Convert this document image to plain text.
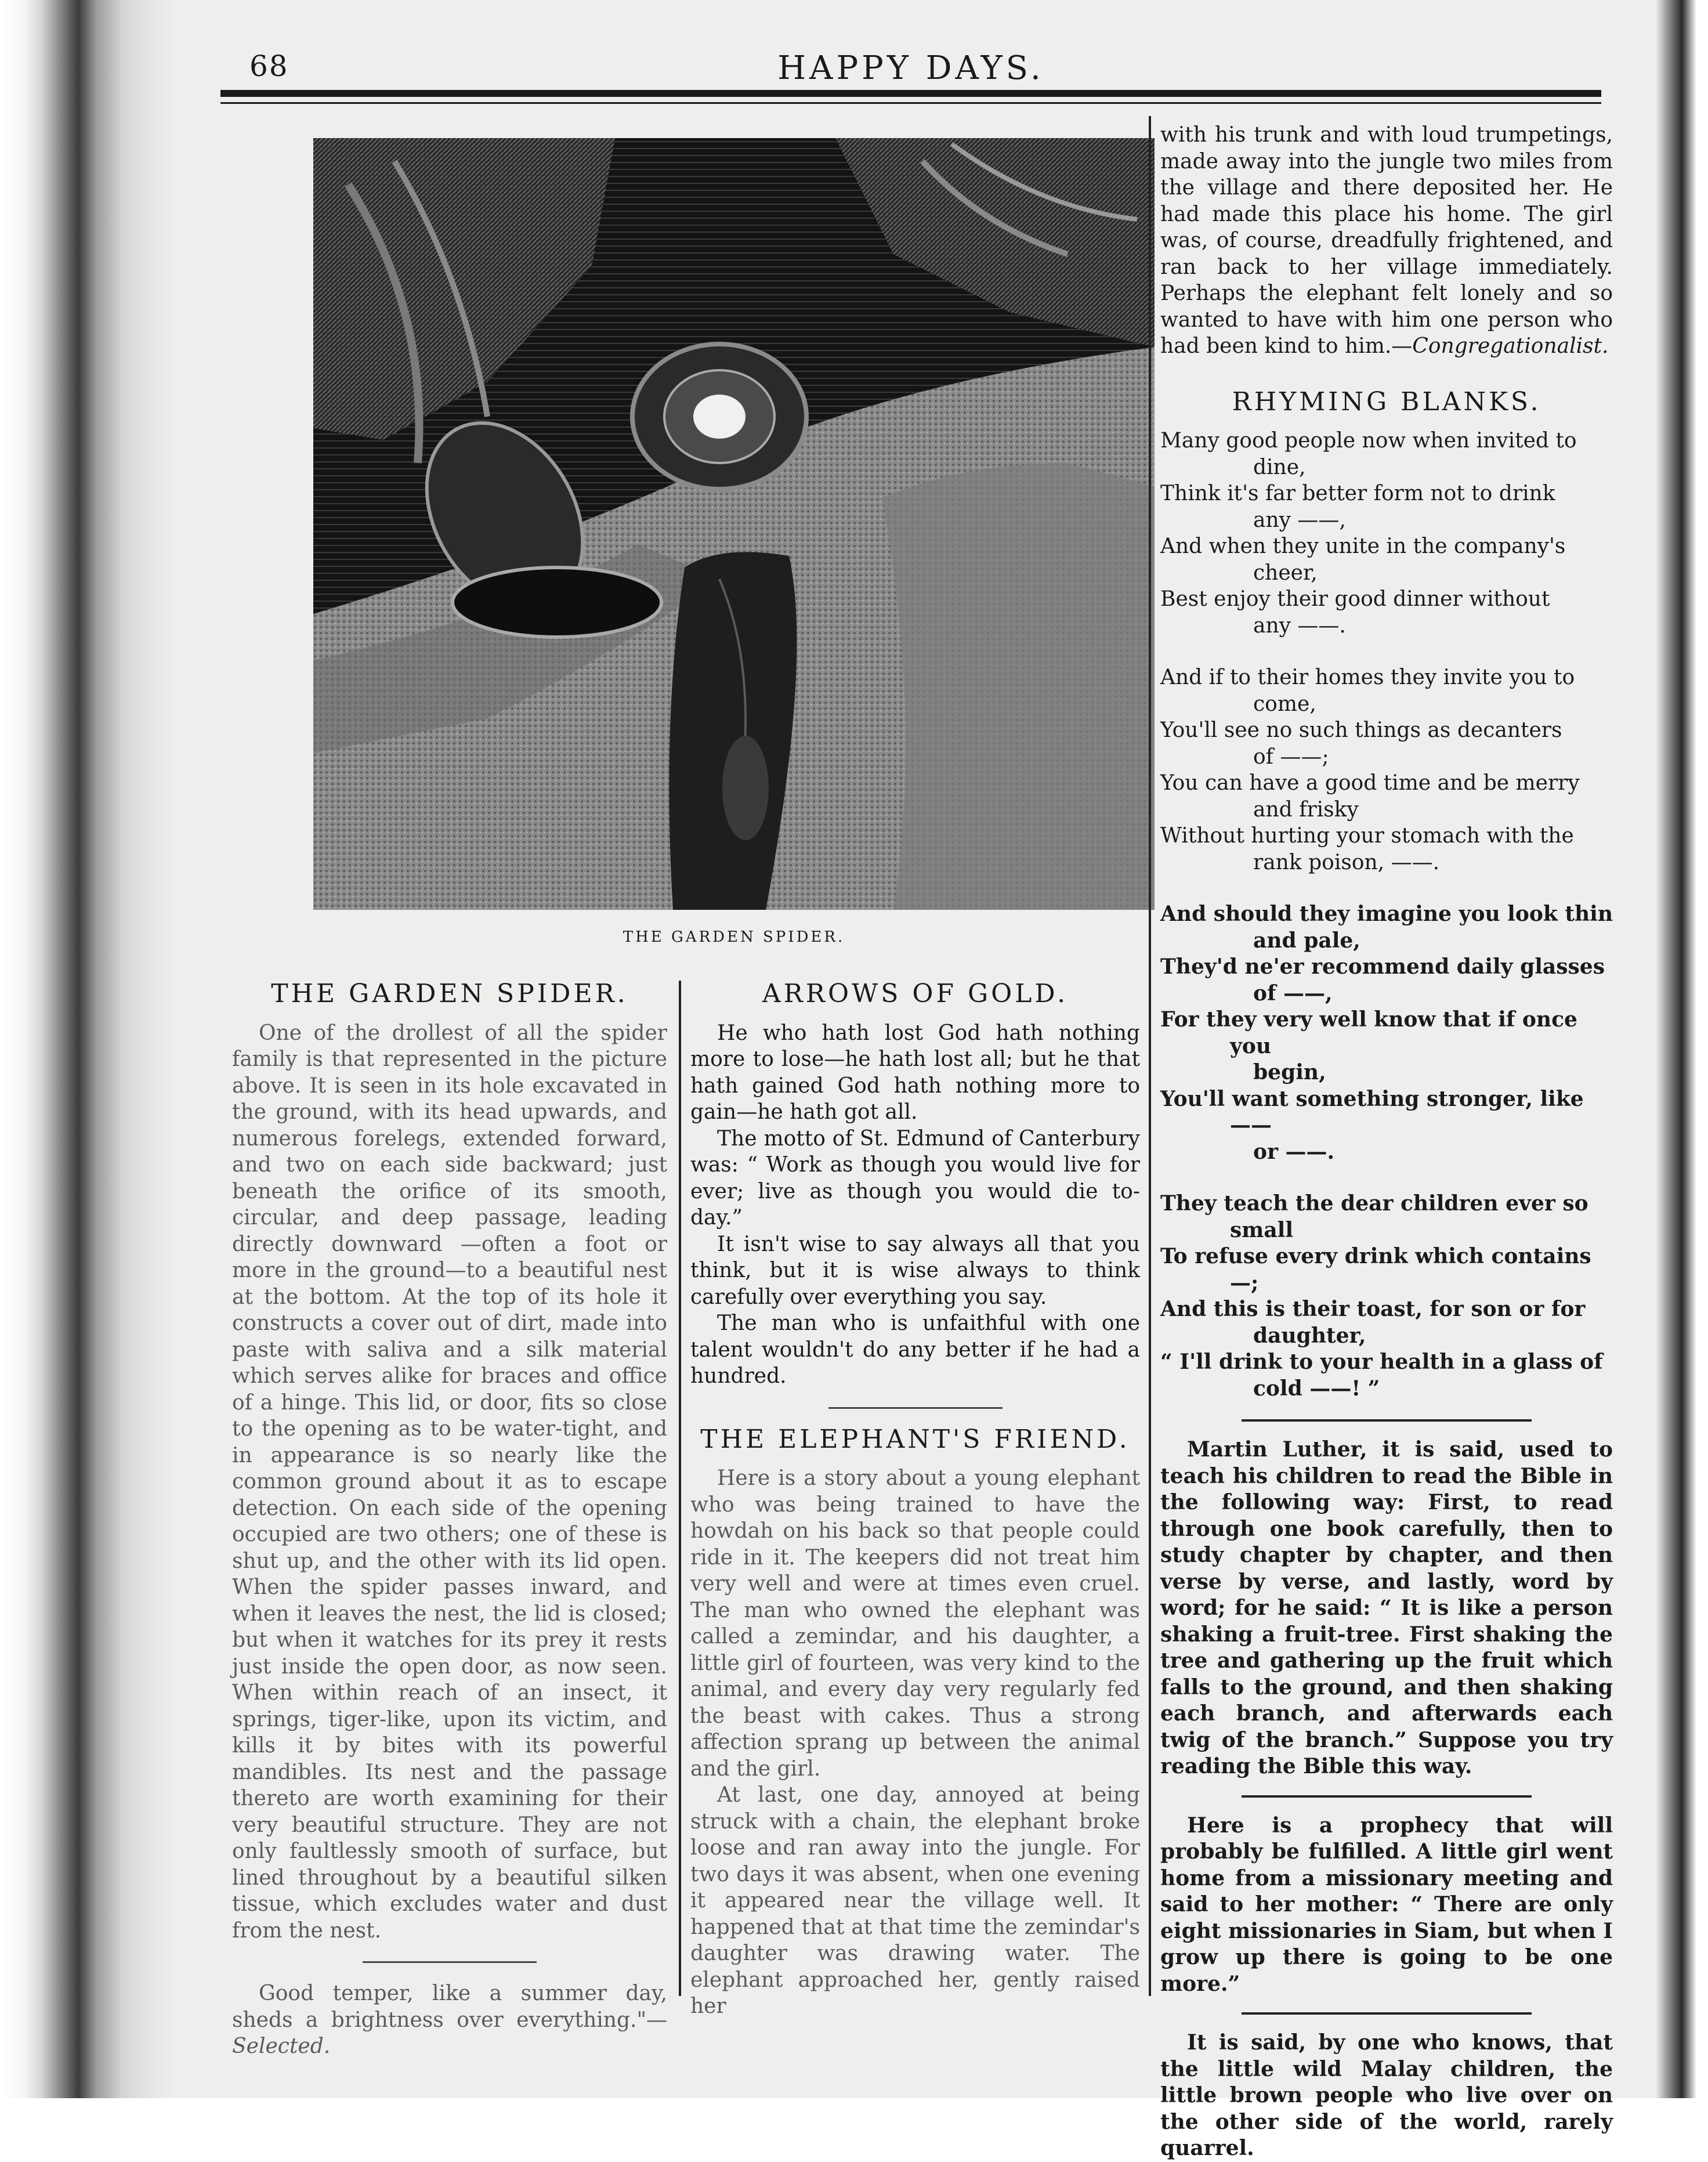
68	HAPPY DAYS.
THE GARDEN SPIDER.
THE GARDEN SPIDER.

One of the drollest of all the spider family is that represented in the picture above. It is seen in its hole excavated in the ground, with its head upwards, and numerous forelegs, extended forward, and two on each side backward; just beneath the orifice of its smooth, circular, and deep passage, leading directly downward —often a foot or more in the ground—to a beautiful nest at the bottom. At the top of its hole it constructs a cover out of dirt, made into paste with saliva and a silk material which serves alike for braces and office of a hinge. This lid, or door, fits so close to the opening as to be water-tight, and in appearance is so nearly like the common ground about it as to escape detection. On each side of the opening occupied are two others; one of these is shut up, and the other with its lid open. When the spider passes inward, and when it leaves the nest, the lid is closed; but when it watches for its prey it rests just inside the open door, as now seen. When within reach of an insect, it springs, tiger-like, upon its victim, and kills it by bites with its powerful mandibles. Its nest and the passage thereto are worth examining for their very beautiful structure. They are not only faultlessly smooth of surface, but lined throughout by a beautiful silken tissue, which excludes water and dust from the nest.

Good temper, like a summer day, sheds a brightness over everything."—Selected.

ARROWS OF GOLD.

He who hath lost God hath nothing more to lose—he hath lost all; but he that hath gained God hath nothing more to gain—he hath got all.

The motto of St. Edmund of Canterbury was: “ Work as though you would live for ever; live as though you would die to-day.”

It isn't wise to say always all that you think, but it is wise always to think carefully over everything you say.

The man who is unfaithful with one talent wouldn't do any better if he had a hundred.

THE ELEPHANT'S FRIEND.

Here is a story about a young elephant who was being trained to have the howdah on his back so that people could ride in it. The keepers did not treat him very well and were at times even cruel. The man who owned the elephant was called a zemindar, and his daughter, a little girl of fourteen, was very kind to the animal, and every day very regularly fed the beast with cakes. Thus a strong affection sprang up between the animal and the girl.

At last, one day, annoyed at being struck with a chain, the elephant broke loose and ran away into the jungle. For two days it was absent, when one evening it appeared near the village well. It happened that at that time the zemindar's daughter was drawing water. The elephant approached her, gently raised her

with his trunk and with loud trumpetings, made away into the jungle two miles from the village and there deposited her. He had made this place his home. The girl was, of course, dreadfully frightened, and ran back to her village immediately. Perhaps the elephant felt lonely and so wanted to have with him one person who had been kind to him.—Congregationalist.

RHYMING BLANKS.
Many good people now when invited to
dine,
Think it's far better form not to drink
any ——,
And when they unite in the company's
cheer,
Best enjoy their good dinner without
any ——.
And if to their homes they invite you to
come,
You'll see no such things as decanters
of ——;
You can have a good time and be merry
and frisky
Without hurting your stomach with the
rank poison, ——.
And should they imagine you look thin
and pale,
They'd ne'er recommend daily glasses
of ——,
For they very well know that if once you
begin,
You'll want something stronger, like ——
or ——.
They teach the dear children ever so small
To refuse every drink which contains —;
And this is their toast, for son or for
daughter,
“ I'll drink to your health in a glass of
cold ——! ”

Martin Luther, it is said, used to teach his children to read the Bible in the following way: First, to read through one book carefully, then to study chapter by chapter, and then verse by verse, and lastly, word by word; for he said: “ It is like a person shaking a fruit-tree. First shaking the tree and gathering up the fruit which falls to the ground, and then shaking each branch, and afterwards each twig of the branch.” Suppose you try reading the Bible this way.

Here is a prophecy that will probably be fulfilled. A little girl went home from a missionary meeting and said to her mother: “ There are only eight missionaries in Siam, but when I grow up there is going to be one more.”

It is said, by one who knows, that the little wild Malay children, the little brown people who live over on the other side of the world, rarely quarrel.
